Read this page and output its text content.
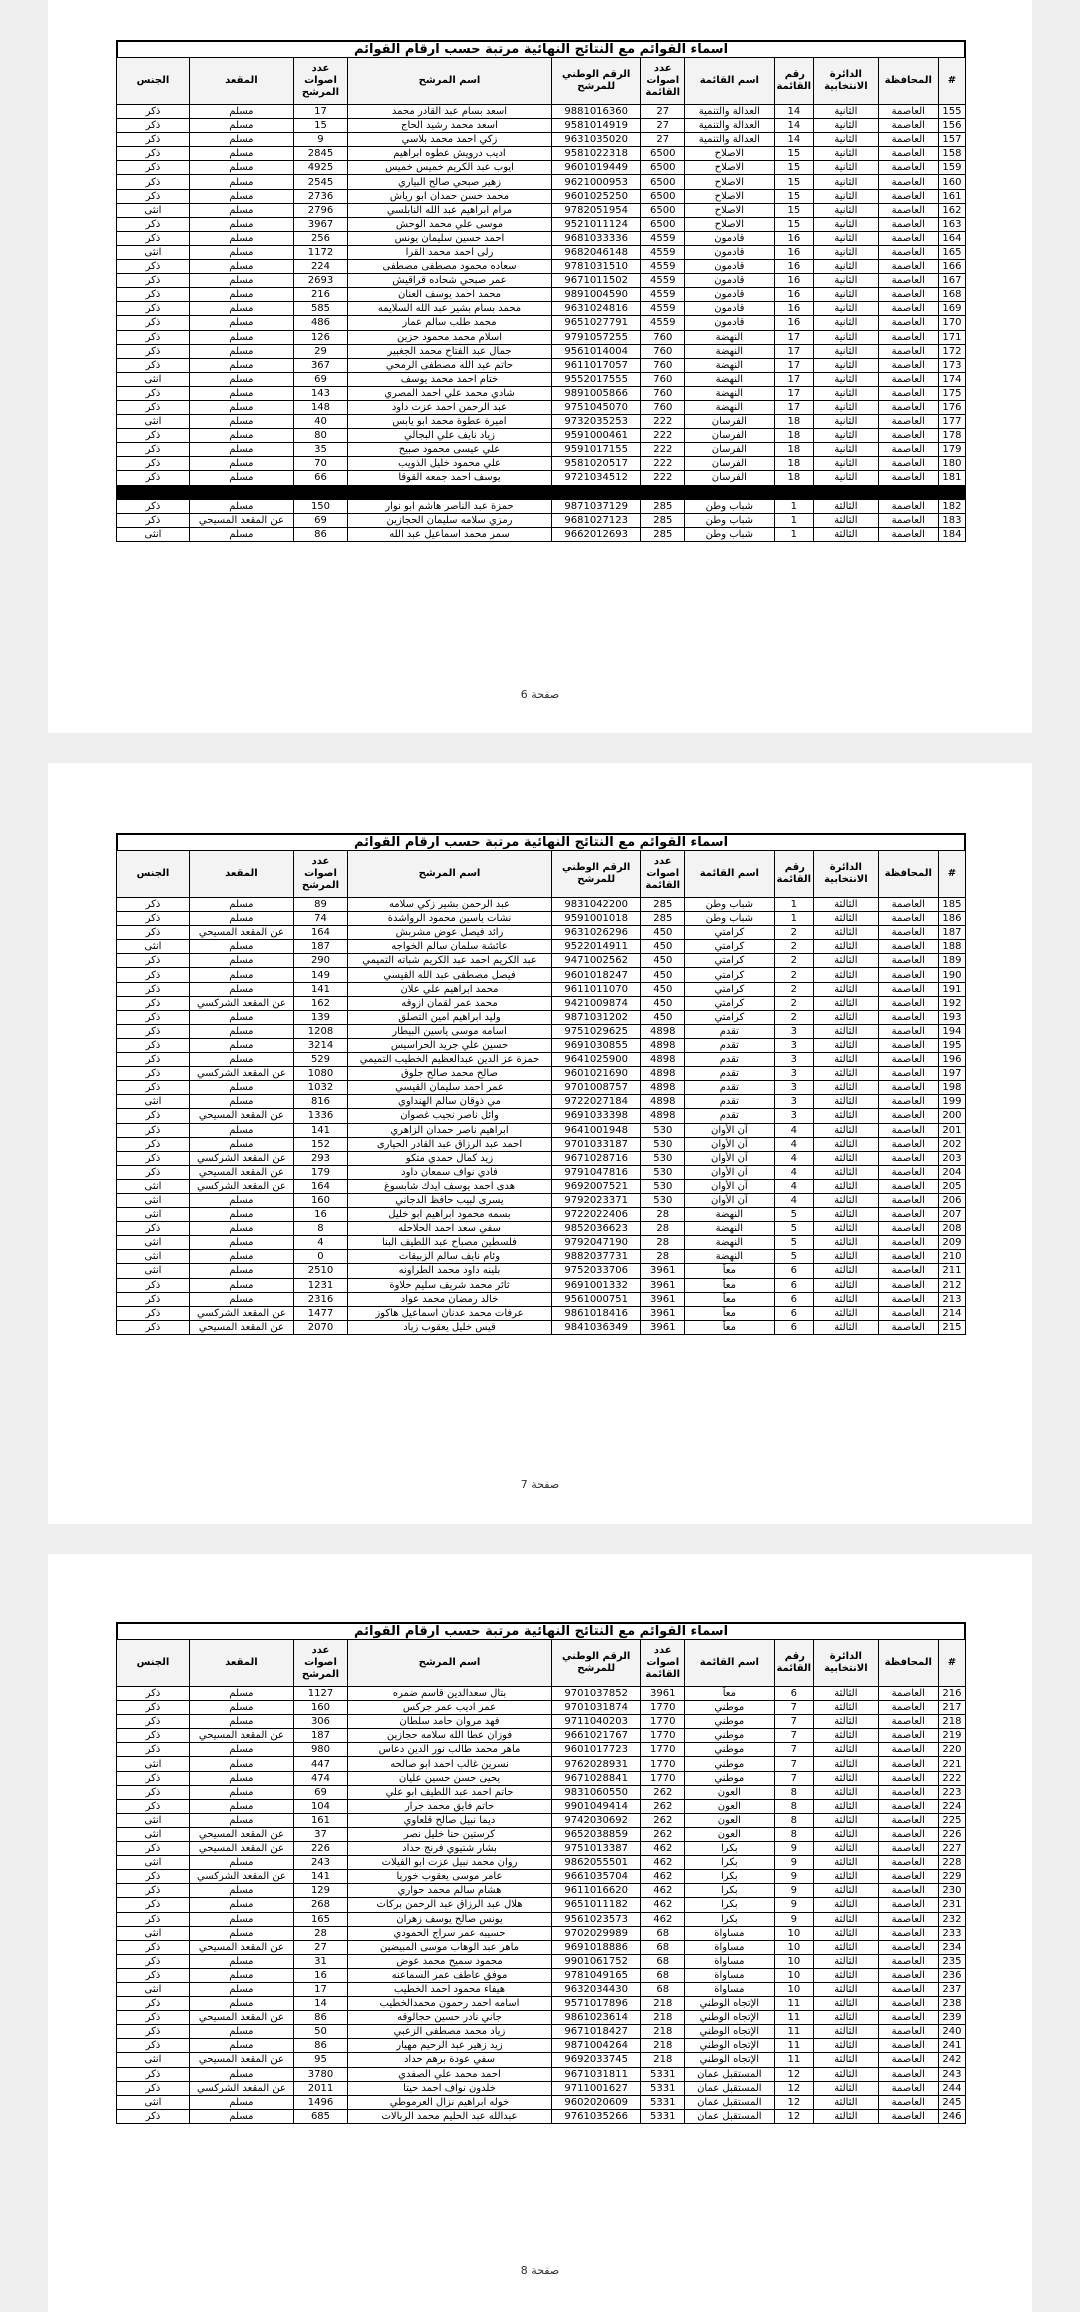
اسماء القوائم مع النتائج النهائية مرتبة حسب ارقام القوائم
#	المحافظة	الدائرة الانتخابية	رقم القائمة	اسم القائمة	عدد اصوات القائمة	الرقم الوطني للمرشح	اسم المرشح	عدد اصوات المرشح	المقعد	الجنس
155	العاصمة	الثانية	14	العدالة والتنمية	27	9881016360	اسعد بسام عبد القادر محمد	17	مسلم	ذكر
156	العاصمة	الثانية	14	العدالة والتنمية	27	9581014919	اسعد محمد رشيد الحاج	15	مسلم	ذكر
157	العاصمة	الثانية	14	العدالة والتنمية	27	9631035020	زكي احمد محمد بلاسي	9	مسلم	ذكر
158	العاصمة	الثانية	15	الاصلاح	6500	9581022318	اديب درويش عطوه ابراهيم	2845	مسلم	ذكر
159	العاصمة	الثانية	15	الاصلاح	6500	9601019449	ايوب عبد الكريم خميس خميس	4925	مسلم	ذكر
160	العاصمة	الثانية	15	الاصلاح	6500	9621000953	زهير صبحي صالح البياري	2545	مسلم	ذكر
161	العاصمة	الثانية	15	الاصلاح	6500	9601025250	محمد حسن حمدان ابو رياش	2736	مسلم	ذكر
162	العاصمة	الثانية	15	الاصلاح	6500	9782051954	مرام ابراهيم عبد الله النابلسي	2796	مسلم	انثى
163	العاصمة	الثانية	15	الاصلاح	6500	9521011124	موسى علي محمد الوحش	3967	مسلم	ذكر
164	العاصمة	الثانية	16	قادمون	4559	9681033336	احمد حسين سليمان يونس	256	مسلم	ذكر
165	العاصمة	الثانية	16	قادمون	4559	9682046148	رلى احمد محمد القرا	1172	مسلم	انثى
166	العاصمة	الثانية	16	قادمون	4559	9781031510	سعاده محمود مصطفى مصطفى	224	مسلم	ذكر
167	العاصمة	الثانية	16	قادمون	4559	9671011502	عمر صبحي شحاده قراقيش	2693	مسلم	ذكر
168	العاصمة	الثانية	16	قادمون	4559	9891004590	محمد احمد يوسف العنان	216	مسلم	ذكر
169	العاصمة	الثانية	16	قادمون	4559	9631024816	محمد بسام بشير عبد الله السلايمه	585	مسلم	ذكر
170	العاصمة	الثانية	16	قادمون	4559	9651027791	محمد طلب سالم عمار	486	مسلم	ذكر
171	العاصمة	الثانية	17	النهضة	760	9791057255	اسلام محمد محمود حزين	126	مسلم	ذكر
172	العاصمة	الثانية	17	النهضة	760	9561014004	جمال عبد الفتاح محمد الجغبير	29	مسلم	ذكر
173	العاصمة	الثانية	17	النهضة	760	9611017057	حاتم عبد الله مصطفى الرمحي	367	مسلم	ذكر
174	العاصمة	الثانية	17	النهضة	760	9552017555	ختام احمد محمد يوسف	69	مسلم	انثى
175	العاصمة	الثانية	17	النهضة	760	9891005866	شادي محمد علي احمد المصري	143	مسلم	ذكر
176	العاصمة	الثانية	17	النهضة	760	9751045070	عبد الرحمن احمد عزت داود	148	مسلم	ذكر
177	العاصمة	الثانية	18	الفرسان	222	9732035253	اميرة عطوة محمد ابو يابس	40	مسلم	انثى
178	العاصمة	الثانية	18	الفرسان	222	9591000461	زياد نايف علي البجالي	80	مسلم	ذكر
179	العاصمة	الثانية	18	الفرسان	222	9591017155	علي عيسى محمود صبيح	35	مسلم	ذكر
180	العاصمة	الثانية	18	الفرسان	222	9581020517	علي محمود خليل الذويب	70	مسلم	ذكر
181	العاصمة	الثانية	18	الفرسان	222	9721034512	يوسف احمد جمعه القوقا	66	مسلم	ذكر

182	العاصمة	الثالثة	1	شباب وطن	285	9871037129	حمزة عبد الناصر هاشم ابو نوار	150	مسلم	ذكر
183	العاصمة	الثالثة	1	شباب وطن	285	9681027123	رمزي سلامه سليمان الحجازين	69	عن المقعد المسيحي	ذكر
184	العاصمة	الثالثة	1	شباب وطن	285	9662012693	سمر محمد اسماعيل عبد الله	86	مسلم	انثى
صفحة 6
اسماء القوائم مع النتائج النهائية مرتبة حسب ارقام القوائم
#	المحافظة	الدائرة الانتخابية	رقم القائمة	اسم القائمة	عدد اصوات القائمة	الرقم الوطني للمرشح	اسم المرشح	عدد اصوات المرشح	المقعد	الجنس
185	العاصمة	الثالثة	1	شباب وطن	285	9831042200	عبد الرحمن بشير زكي سلامه	89	مسلم	ذكر
186	العاصمة	الثالثة	1	شباب وطن	285	9591001018	نشات ياسين محمود الرواشدة	74	مسلم	ذكر
187	العاصمة	الثالثة	2	كرامتي	450	9631026296	رائد فيصل عوض مشربش	164	عن المقعد المسيحي	ذكر
188	العاصمة	الثالثة	2	كرامتي	450	9522014911	عائشة سلمان سالم الخواجه	187	مسلم	انثى
189	العاصمة	الثالثة	2	كرامتي	450	9471002562	عبد الكريم احمد عبد الكريم شباته التميمي	290	مسلم	ذكر
190	العاصمة	الثالثة	2	كرامتي	450	9601018247	فيصل مصطفى عبد الله القيسي	149	مسلم	ذكر
191	العاصمة	الثالثة	2	كرامتي	450	9611011070	محمد ابراهيم علي علان	141	مسلم	ذكر
192	العاصمة	الثالثة	2	كرامتي	450	9421009874	محمد عمر لقمان ازوقه	162	عن المقعد الشركسي	ذكر
193	العاصمة	الثالثة	2	كرامتي	450	9871031202	وليد ابراهيم امين التصلق	139	مسلم	ذكر
194	العاصمة	الثالثة	3	تقدم	4898	9751029625	اسامه موسى ياسين البيطار	1208	مسلم	ذكر
195	العاصمة	الثالثة	3	تقدم	4898	9691030855	حسين علي جريد الحراسيس	3214	مسلم	ذكر
196	العاصمة	الثالثة	3	تقدم	4898	9641025900	حمزة عز الدين عبدالعظيم الخطيب التميمي	529	مسلم	ذكر
197	العاصمة	الثالثة	3	تقدم	4898	9601021690	صالح محمد صالح جلوق	1080	عن المقعد الشركسي	ذكر
198	العاصمة	الثالثة	3	تقدم	4898	9701008757	عمر احمد سليمان القيسي	1032	مسلم	ذكر
199	العاصمة	الثالثة	3	تقدم	4898	9722027184	مي ذوقان سالم الهنداوي	816	مسلم	انثى
200	العاصمة	الثالثة	3	تقدم	4898	9691033398	وائل ناصر نجيب غصوان	1336	عن المقعد المسيحي	ذكر
201	العاصمة	الثالثة	4	آن الأوان	530	9641001948	ابراهيم ناصر حمدان الزاهري	141	مسلم	ذكر
202	العاصمة	الثالثة	4	آن الأوان	530	9701033187	احمد عبد الرزاق عبد القادر الحيارى	152	مسلم	ذكر
203	العاصمة	الثالثة	4	آن الأوان	530	9671028716	زيد كمال حمدي متكو	293	عن المقعد الشركسي	ذكر
204	العاصمة	الثالثة	4	آن الأوان	530	9791047816	فادي نواف سمعان داود	179	عن المقعد المسيحي	ذكر
205	العاصمة	الثالثة	4	آن الأوان	530	9692007521	هدى احمد يوسف ايدك شابسوغ	164	عن المقعد الشركسي	انثى
206	العاصمة	الثالثة	4	آن الأوان	530	9792023371	يسرى لبيب حافظ الدجاني	160	مسلم	انثى
207	العاصمة	الثالثة	5	النهضة	28	9722022406	بسمه محمود ابراهيم ابو خليل	16	مسلم	انثى
208	العاصمة	الثالثة	5	النهضة	28	9852036623	سفي سعد احمد الحلاحله	8	مسلم	ذكر
209	العاصمة	الثالثة	5	النهضة	28	9792047190	فلسطين مصباح عبد اللطيف البنا	4	مسلم	انثى
210	العاصمة	الثالثة	5	النهضة	28	9882037731	وئام نايف سالم الزبيقات	0	مسلم	انثى
211	العاصمة	الثالثة	6	معاً	3961	9752033706	بلينه داود محمد الطراونه	2510	مسلم	انثى
212	العاصمة	الثالثة	6	معاً	3961	9691001332	ثائر محمد شريف سليم حلاوة	1231	مسلم	ذكر
213	العاصمة	الثالثة	6	معاً	3961	9561000751	خالد رمضان محمد عواد	2316	مسلم	ذكر
214	العاصمة	الثالثة	6	معاً	3961	9861018416	عرفات محمد عدنان اسماعيل هاكوز	1477	عن المقعد الشركسي	ذكر
215	العاصمة	الثالثة	6	معاً	3961	9841036349	قيس خليل يعقوب زياد	2070	عن المقعد المسيحي	ذكر
صفحة 7
اسماء القوائم مع النتائج النهائية مرتبة حسب ارقام القوائم
#	المحافظة	الدائرة الانتخابية	رقم القائمة	اسم القائمة	عدد اصوات القائمة	الرقم الوطني للمرشح	اسم المرشح	عدد اصوات المرشح	المقعد	الجنس
216	العاصمة	الثالثة	6	معاً	3961	9701037852	بتال سعدالدين قاسم ضمره	1127	مسلم	ذكر
217	العاصمة	الثالثة	7	موطني	1770	9701031874	عمر اديب عمر جركس	160	مسلم	ذكر
218	العاصمة	الثالثة	7	موطني	1770	9711040203	فهد مروان حامد سلطان	306	مسلم	ذكر
219	العاصمة	الثالثة	7	موطني	1770	9661021767	فوزان عطا الله سلامه حجازين	187	عن المقعد المسيحي	ذكر
220	العاصمة	الثالثة	7	موطني	1770	9601017723	ماهر محمد طالب نور الدين دعاس	980	مسلم	ذكر
221	العاصمة	الثالثة	7	موطني	1770	9762028931	نسرين غالب احمد ابو صالحه	447	مسلم	انثى
222	العاصمة	الثالثة	7	موطني	1770	9671028841	يحيى حسن حسين عليان	474	مسلم	ذكر
223	العاصمة	الثالثة	8	العون	262	9831060550	حاتم احمد عبد اللطيف ابو علي	69	مسلم	ذكر
224	العاصمة	الثالثة	8	العون	262	9901049414	حاتم فايق محمد جرار	104	مسلم	ذكر
225	العاصمة	الثالثة	8	العون	262	9742030692	ديما نبيل صالح قلعاوي	161	مسلم	انثى
226	العاصمة	الثالثة	8	العون	262	9652038859	كرستين حنا خليل نصر	37	عن المقعد المسيحي	انثى
227	العاصمة	الثالثة	9	بكرا	462	9751013387	بشار شتيوي فرنج حداد	226	عن المقعد المسيحي	ذكر
228	العاصمة	الثالثة	9	بكرا	462	9862055501	روان محمد نبيل عزت ابو الفيلات	243	مسلم	انثى
229	العاصمة	الثالثة	9	بكرا	462	9661035704	عامر موسى يعقوب خوريا	141	عن المقعد الشركسي	ذكر
230	العاصمة	الثالثة	9	بكرا	462	9611016620	هشام سالم محمد حواري	129	مسلم	ذكر
231	العاصمة	الثالثة	9	بكرا	462	9651011182	هلال عبد الرزاق عبد الرحمن بركات	268	مسلم	ذكر
232	العاصمة	الثالثة	9	بكرا	462	9561023573	يونس صالح يوسف زهران	165	مسلم	ذكر
233	العاصمة	الثالثة	10	مساواة	68	9702029989	حسيبه عمر سراج الحمودي	28	مسلم	انثى
234	العاصمة	الثالثة	10	مساواة	68	9691018886	ماهر عبد الوهاب موسى المبيضين	27	عن المقعد المسيحي	ذكر
235	العاصمة	الثالثة	10	مساواة	68	9901061752	محمود سميح محمد عوض	31	مسلم	ذكر
236	العاصمة	الثالثة	10	مساواة	68	9781049165	موفق عاطف عمر السماعنه	16	مسلم	ذكر
237	العاصمة	الثالثة	10	مساواة	68	9632034430	هيفاء محمود احمد الخطيب	17	مسلم	انثى
238	العاصمة	الثالثة	11	الإتجاه الوطني	218	9571017896	اسامه احمد رحمون محمدالخطيب	14	مسلم	ذكر
239	العاصمة	الثالثة	11	الإتجاه الوطني	218	9861023614	جاني نادر حسين حجالوقه	86	عن المقعد المسيحي	ذكر
240	العاصمة	الثالثة	11	الإتجاه الوطني	218	9671018427	زياد محمد مصطفى الزعبي	50	مسلم	ذكر
241	العاصمة	الثالثة	11	الإتجاه الوطني	218	9871004264	زيد زهير عبد الرحيم مهيار	86	مسلم	ذكر
242	العاصمة	الثالثة	11	الإتجاه الوطني	218	9692033745	سفي عودة برهم حداد	95	عن المقعد المسيحي	انثى
243	العاصمة	الثالثة	12	المستقبل عمان	5331	9671031811	احمد محمد علي الصفدي	3780	مسلم	ذكر
244	العاصمة	الثالثة	12	المستقبل عمان	5331	9711001627	خلدون نواف احمد حيتا	2011	عن المقعد الشركسي	ذكر
245	العاصمة	الثالثة	12	المستقبل عمان	5331	9602020609	خوله ابراهيم نزال العرموطي	1496	مسلم	انثى
246	العاصمة	الثالثة	12	المستقبل عمان	5331	9761035266	عبدالله عبد الحليم محمد الربالات	685	مسلم	ذكر
صفحة 8
